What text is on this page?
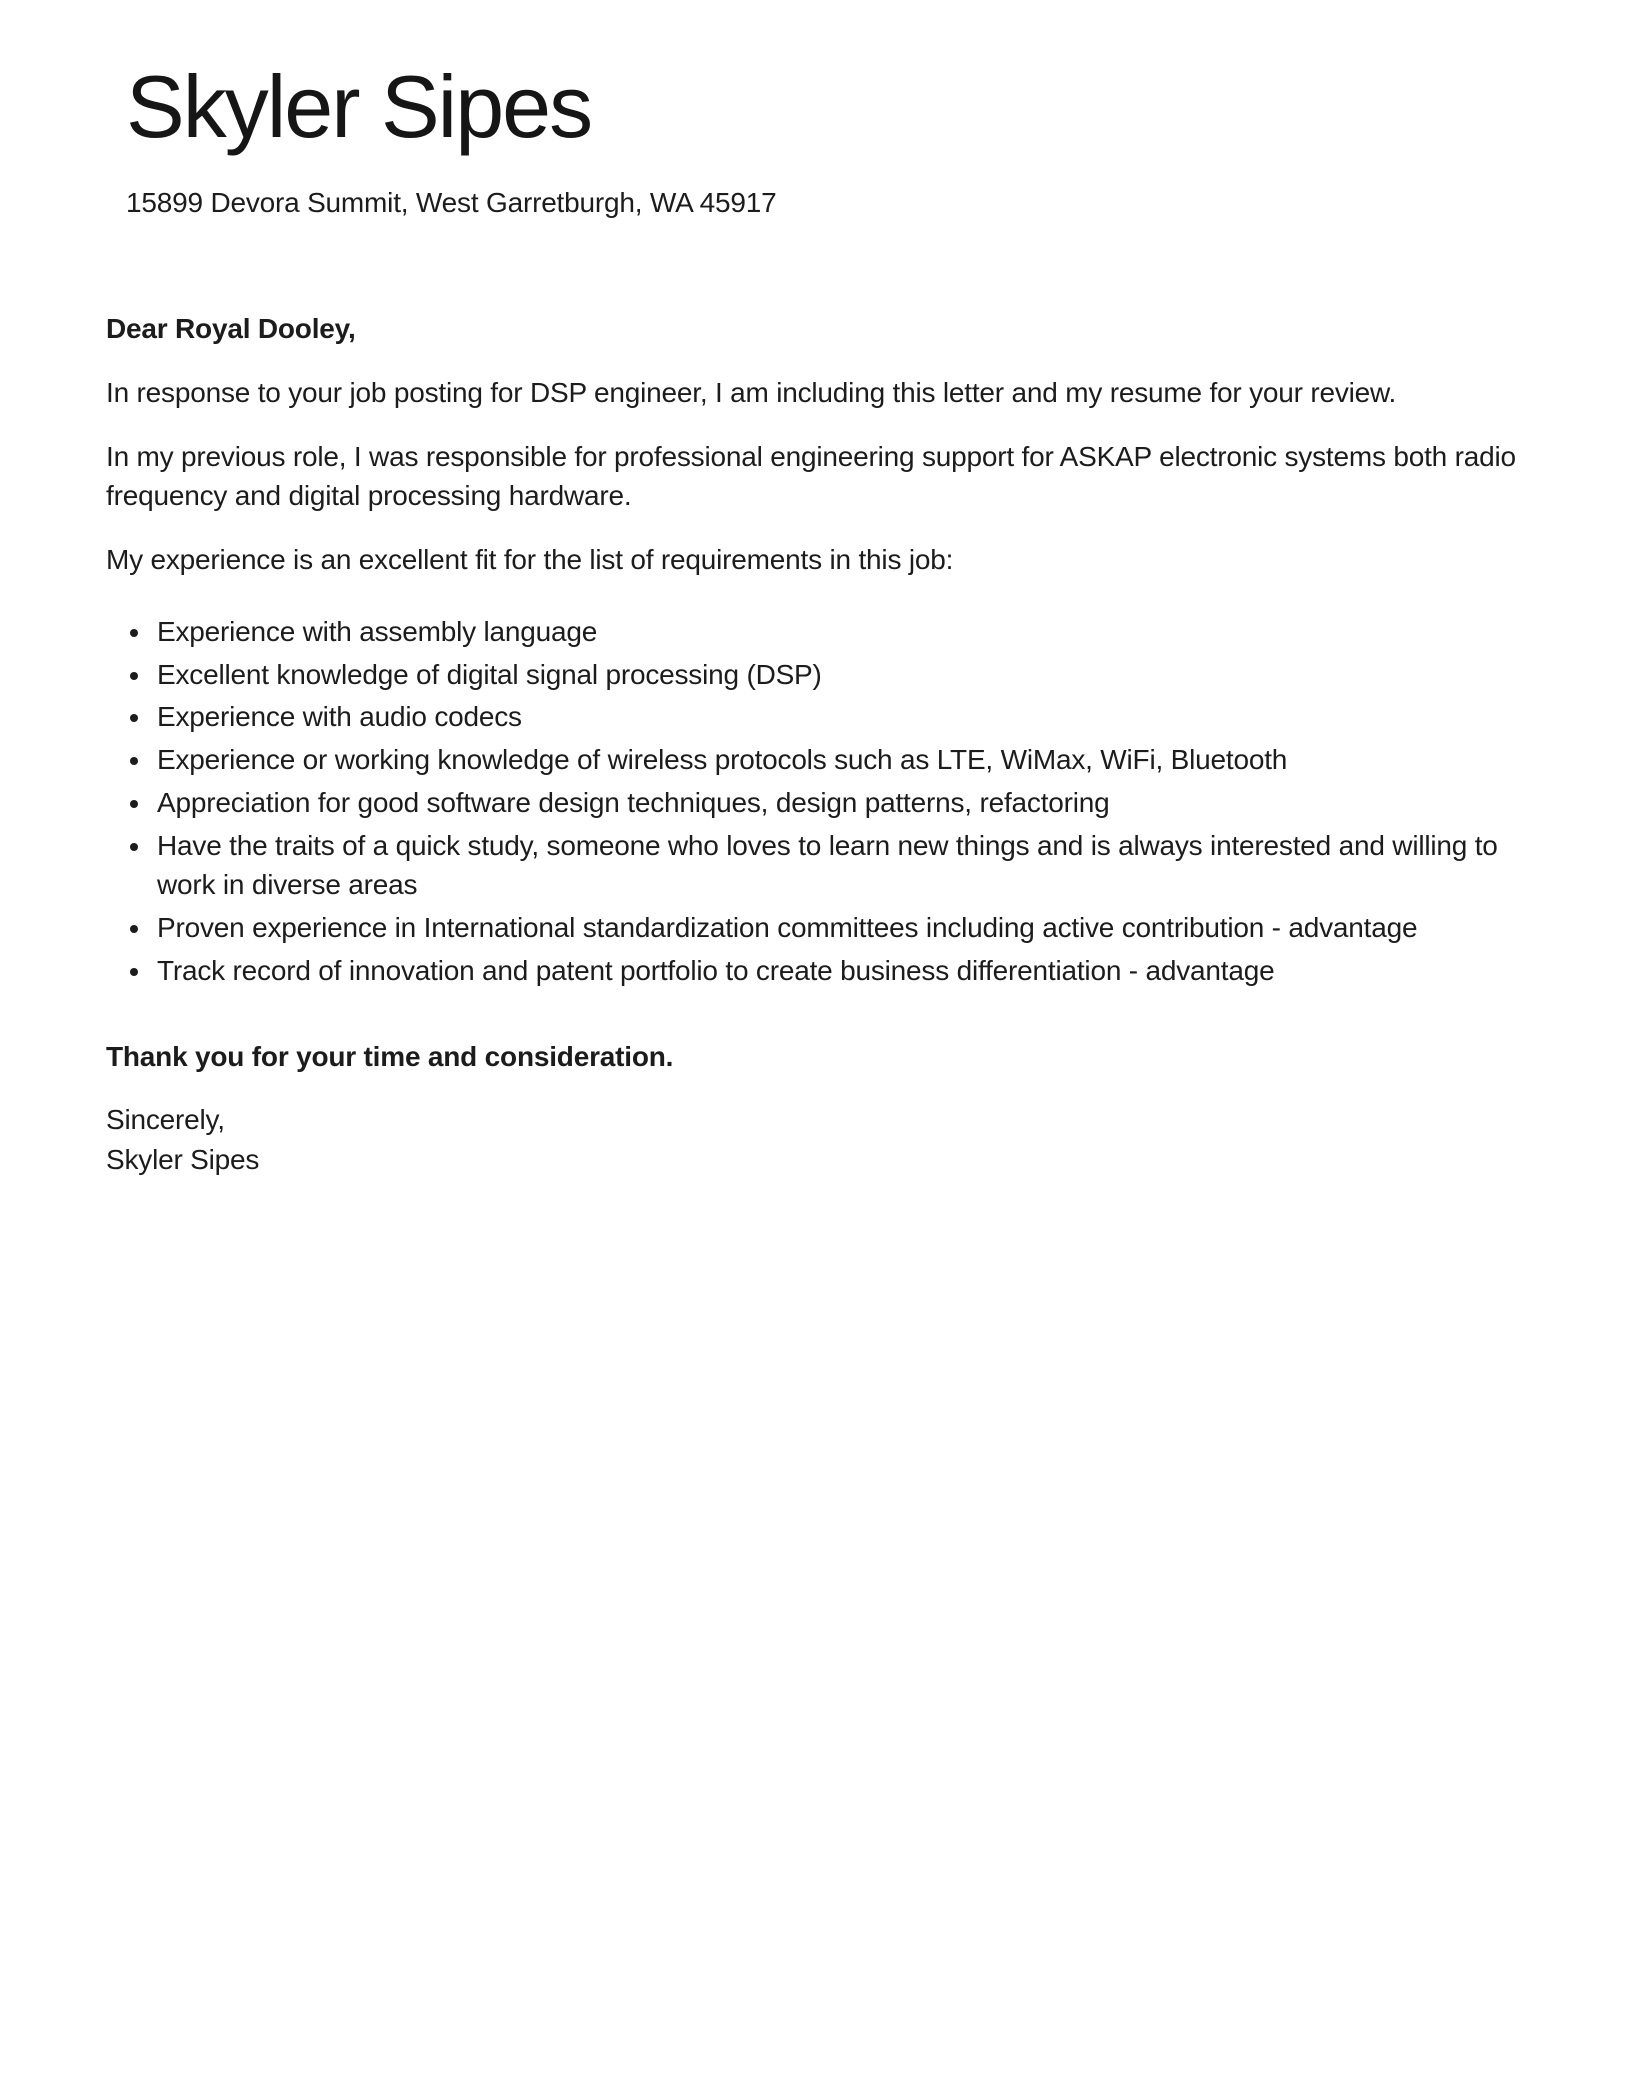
Skyler Sipes
15899 Devora Summit, West Garretburgh, WA 45917

Dear Royal Dooley,

In response to your job posting for DSP engineer, I am including this letter and my resume for your review.

In my previous role, I was responsible for professional engineering support for ASKAP electronic systems both radio frequency and digital processing hardware.

My experience is an excellent fit for the list of requirements in this job:

• Experience with assembly language
• Excellent knowledge of digital signal processing (DSP)
• Experience with audio codecs
• Experience or working knowledge of wireless protocols such as LTE, WiMax, WiFi, Bluetooth
• Appreciation for good software design techniques, design patterns, refactoring
• Have the traits of a quick study, someone who loves to learn new things and is always interested and willing to work in diverse areas
• Proven experience in International standardization committees including active contribution - advantage
• Track record of innovation and patent portfolio to create business differentiation - advantage

Thank you for your time and consideration.

Sincerely,
Skyler Sipes
